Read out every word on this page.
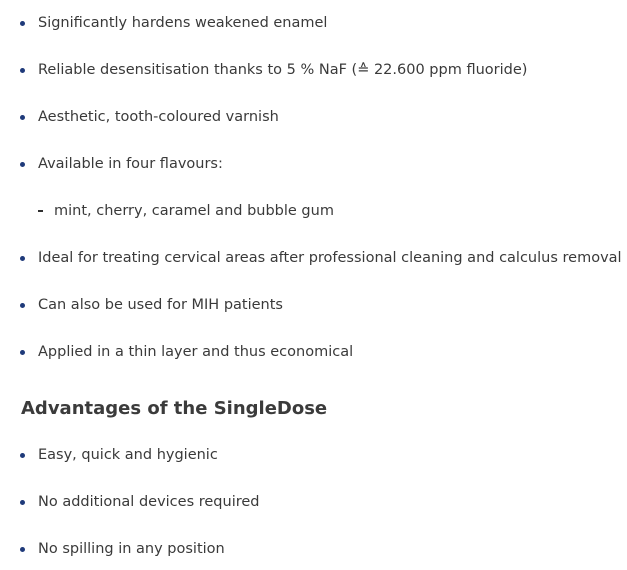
Significantly hardens weakened enamel
Reliable desensitisation thanks to 5 % NaF (≙ 22.600 ppm fluoride)
Aesthetic, tooth-coloured varnish
Available in four flavours:
mint, cherry, caramel and bubble gum
Ideal for treating cervical areas after professional cleaning and calculus removal
Can also be used for MIH patients
Applied in a thin layer and thus economical
Advantages of the SingleDose
Easy, quick and hygienic
No additional devices required
No spilling in any position
